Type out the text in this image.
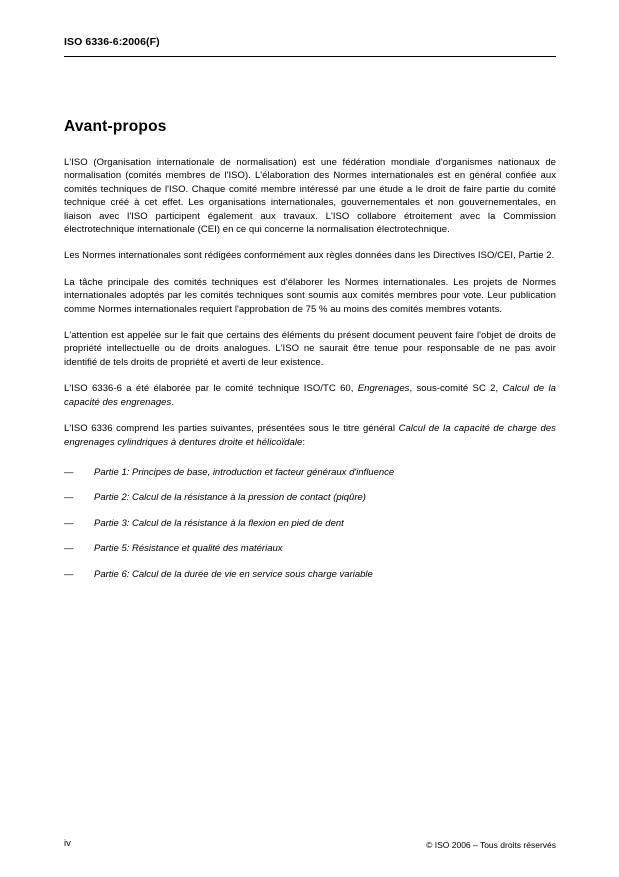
ISO 6336-6:2006(F)
Avant-propos

L'ISO (Organisation internationale de normalisation) est une fédération mondiale d'organismes nationaux de normalisation (comités membres de l'ISO). L'élaboration des Normes internationales est en général confiée aux comités techniques de l'ISO. Chaque comité membre intéressé par une étude a le droit de faire partie du comité technique créé à cet effet. Les organisations internationales, gouvernementales et non gouvernementales, en liaison avec l'ISO participent également aux travaux. L'ISO collabore étroitement avec la Commission électrotechnique internationale (CEI) en ce qui concerne la normalisation électrotechnique.

Les Normes internationales sont rédigées conformément aux règles données dans les Directives ISO/CEI, Partie 2.

La tâche principale des comités techniques est d'élaborer les Normes internationales. Les projets de Normes internationales adoptés par les comités techniques sont soumis aux comités membres pour vote. Leur publication comme Normes internationales requiert l'approbation de 75 % au moins des comités membres votants.

L'attention est appelée sur le fait que certains des éléments du présent document peuvent faire l'objet de droits de propriété intellectuelle ou de droits analogues. L'ISO ne saurait être tenue pour responsable de ne pas avoir identifié de tels droits de propriété et averti de leur existence.

L'ISO 6336-6 a été élaborée par le comité technique ISO/TC 60, Engrenages, sous-comité SC 2, Calcul de la capacité des engrenages.

L'ISO 6336 comprend les parties suivantes, présentées sous le titre général Calcul de la capacité de charge des engrenages cylindriques à dentures droite et hélicoïdale:

—	Partie 1: Principes de base, introduction et facteur généraux d'influence
—	Partie 2: Calcul de la résistance à la pression de contact (piqûre)
—	Partie 3: Calcul de la résistance à la flexion en pied de dent
—	Partie 5: Résistance et qualité des matériaux
—	Partie 6: Calcul de la durée de vie en service sous charge variable
iv	© ISO 2006 – Tous droits réservés
